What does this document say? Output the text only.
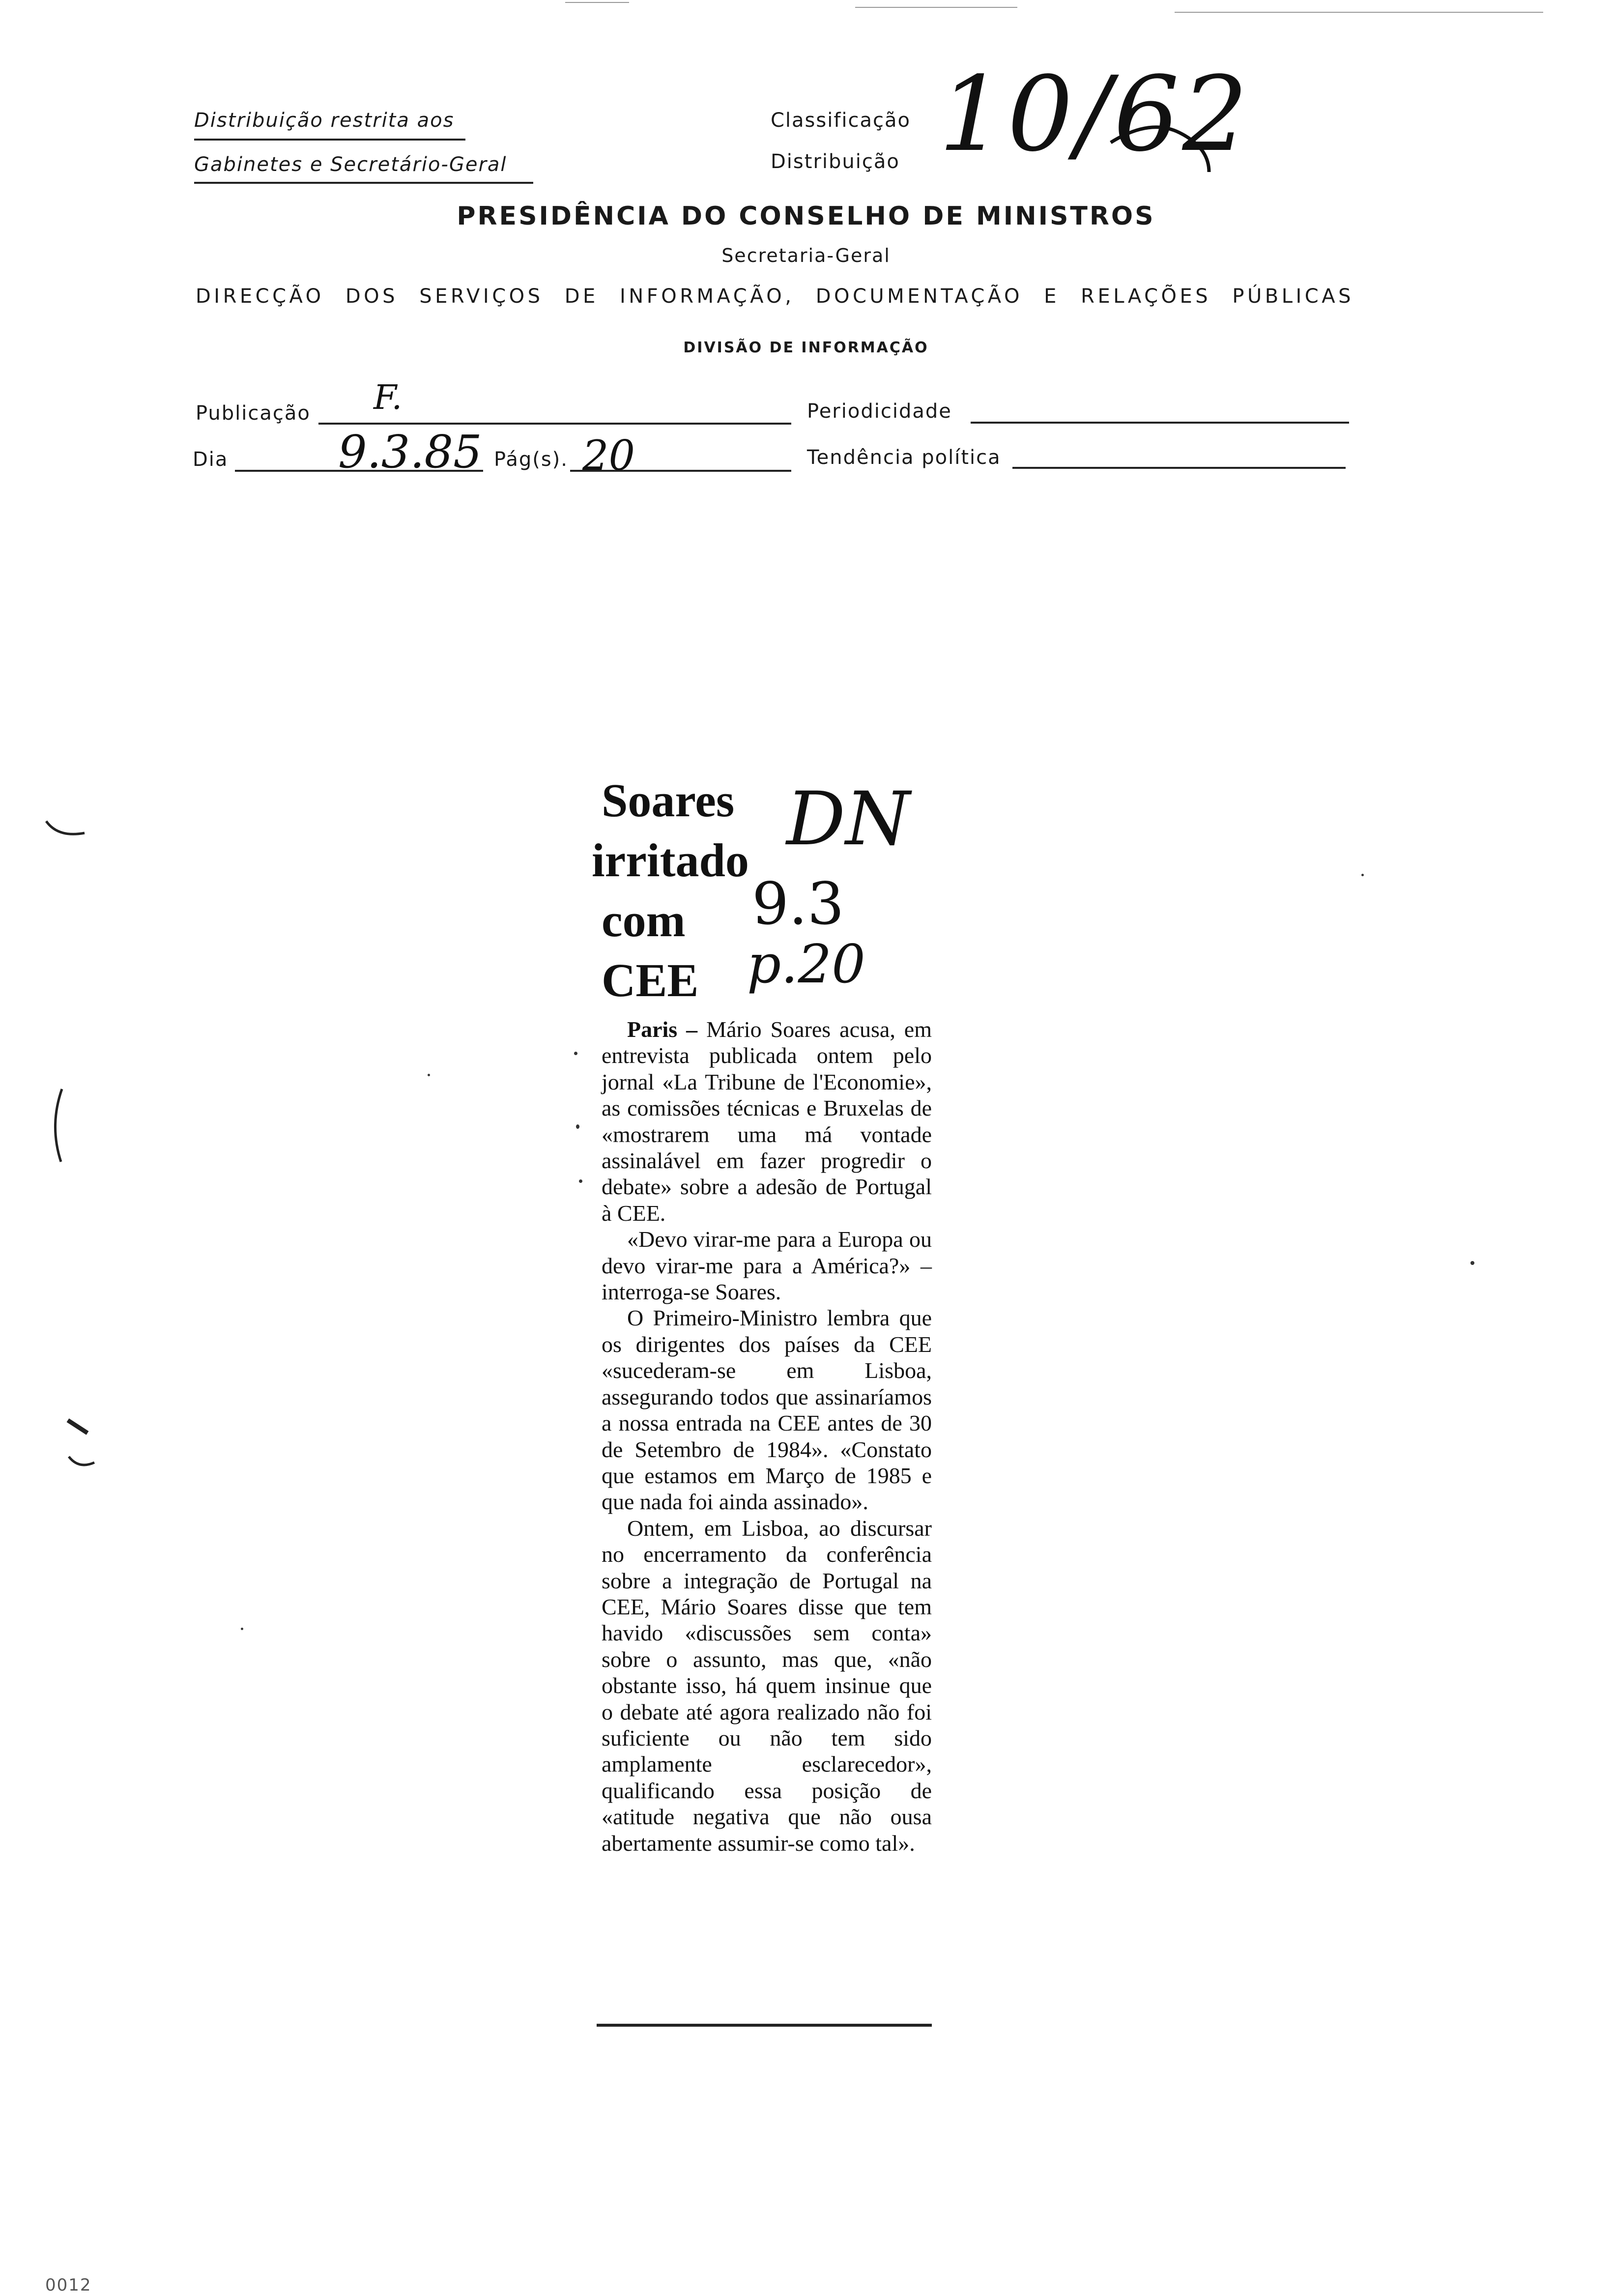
Distribuição restrita aos
Gabinetes e Secretário-Geral
Classificação
Distribuição 10/62
PRESIDÊNCIA DO CONSELHO DE MINISTROS
Secretaria-Geral
DIRECÇÃO DOS SERVIÇOS DE INFORMAÇÃO, DOCUMENTAÇÃO E RELAÇÕES PÚBLICAS
DIVISÃO DE INFORMAÇÃO
Publicação F.	Periodicidade
Dia 9.3.85 Pág(s). 20	Tendência política
Soares
irritado
com
CEE
DN
9.3
p.20

Paris – Mário Soares acusa, em entrevista publicada ontem pelo jornal «La Tribune de l'Economie», as comissões técnicas e Bruxelas de «mostrarem uma má vontade assinalável em fazer progredir o debate» sobre a adesão de Portugal à CEE.

«Devo virar-me para a Europa ou devo virar-me para a América?» – interroga-se Soares.

O Primeiro-Ministro lembra que os dirigentes dos países da CEE «sucederam-se em Lisboa, assegurando todos que assinaríamos a nossa entrada na CEE antes de 30 de Setembro de 1984». «Constato que estamos em Março de 1985 e que nada foi ainda assinado».

Ontem, em Lisboa, ao discursar no encerramento da conferência sobre a integração de Portugal na CEE, Mário Soares disse que tem havido «discussões sem conta» sobre o assunto, mas que, «não obstante isso, há quem insinue que o debate até agora realizado não foi suficiente ou não tem sido amplamente esclarecedor», qualificando essa posição de «atitude negativa que não ousa abertamente assumir-se como tal».

0012
